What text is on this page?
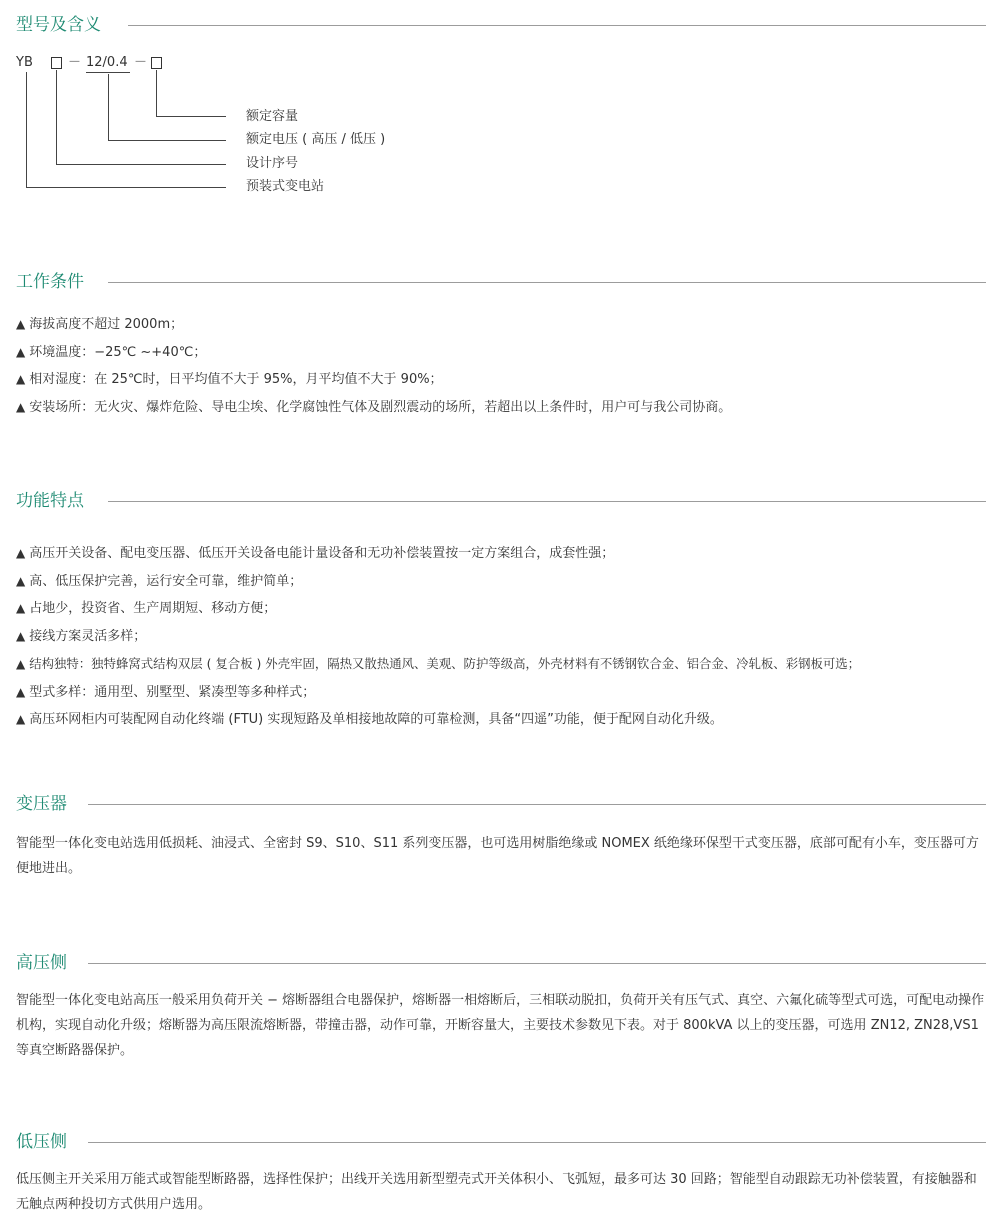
型号及含义
YB	－ 12/0.4 －
额定容量
额定电压 ( 高压 / 低压 )
设计序号
预装式变电站
工作条件
▲ 海拔高度不超过 2000m；
▲ 环境温度：−25℃ ~+40℃；
▲ 相对湿度：在 25℃时，日平均值不大于 95%，月平均值不大于 90%；
▲ 安装场所：无火灾、爆炸危险、导电尘埃、化学腐蚀性气体及剧烈震动的场所，若超出以上条件时，用户可与我公司协商。
功能特点
▲ 高压开关设备、配电变压器、低压开关设备电能计量设备和无功补偿装置按一定方案组合，成套性强；
▲ 高、低压保护完善，运行安全可靠，维护简单；
▲ 占地少，投资省、生产周期短、移动方便；
▲ 接线方案灵活多样；
▲ 结构独特：独特蜂窝式结构双层 ( 复合板 ) 外壳牢固，隔热又散热通风、美观、防护等级高，外壳材料有不锈钢钦合金、铝合金、冷轧板、彩钢板可选；
▲ 型式多样：通用型、别墅型、紧凑型等多种样式；
▲ 高压环网柜内可装配网自动化终端 (FTU) 实现短路及单相接地故障的可靠检测，具备“四遥”功能，便于配网自动化升级。
变压器

智能型一体化变电站选用低损耗、油浸式、全密封 S9、S10、S11 系列变压器，也可选用树脂绝缘或 NOMEX 纸绝缘环保型干式变压器，底部可配有小车，变压器可方便地进出。

高压侧

智能型一体化变电站高压一般采用负荷开关 − 熔断器组合电器保护，熔断器一相熔断后，三相联动脱扣，负荷开关有压气式、真空、六氟化硫等型式可选，可配电动操作机构，实现自动化升级；熔断器为高压限流熔断器，带撞击器，动作可靠，开断容量大，主要技术参数见下表。对于 800kVA 以上的变压器，可选用 ZN12, ZN28,VS1 等真空断路器保护。

低压侧

低压侧主开关采用万能式或智能型断路器，选择性保护；出线开关选用新型塑壳式开关体积小、飞弧短，最多可达 30 回路；智能型自动跟踪无功补偿装置，有接触器和无触点两种投切方式供用户选用。
